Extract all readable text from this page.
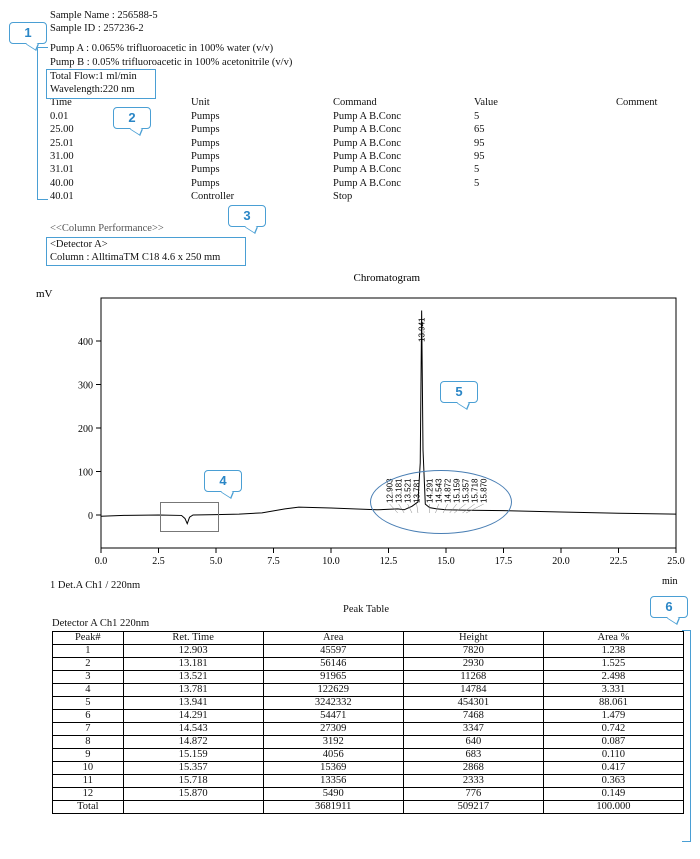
Sample Name : 256588-5
Sample ID : 257236-2
Pump A : 0.065% trifluoroacetic in 100% water (v/v)
Pump B : 0.05% trifluoroacetic in 100% acetonitrile (v/v)
Total Flow:1 ml/min
Wavelength:220 nm
Time	Unit	Command	Value	Comment
0.01	Pumps	Pump A B.Conc	5
25.00	Pumps	Pump A B.Conc	65
25.01	Pumps	Pump A B.Conc	95
31.00	Pumps	Pump A B.Conc	95
31.01	Pumps	Pump A B.Conc	5
40.00	Pumps	Pump A B.Conc	5
40.01	Controller	Stop
<<Column Performance>>
<Detector A>
Column : AlltimaTM C18 4.6 x 250 mm
Chromatogram
mV
min
0
100
200
300
400
0.0	2.5	5.0	7.5	10.0	12.5	15.0	17.5	20.0	22.5	25.0
12.903 13.181 13.521 13.781
13.941
14.291 14.543 14.872 15.159 15.357 15.718 15.870
1 Det.A Ch1 / 220nm
Peak Table
Detector A Ch1 220nm
Peak#	Ret. Time	Area	Height	Area %
1	12.903	45597	7820	1.238
2	13.181	56146	2930	1.525
3	13.521	91965	11268	2.498
4	13.781	122629	14784	3.331
5	13.941	3242332	454301	88.061
6	14.291	54471	7468	1.479
7	14.543	27309	3347	0.742
8	14.872	3192	640	0.087
9	15.159	4056	683	0.110
10	15.357	15369	2868	0.417
11	15.718	13356	2333	0.363
12	15.870	5490	776	0.149
Total		3681911	509217	100.000
1
2
3
4
5
6
